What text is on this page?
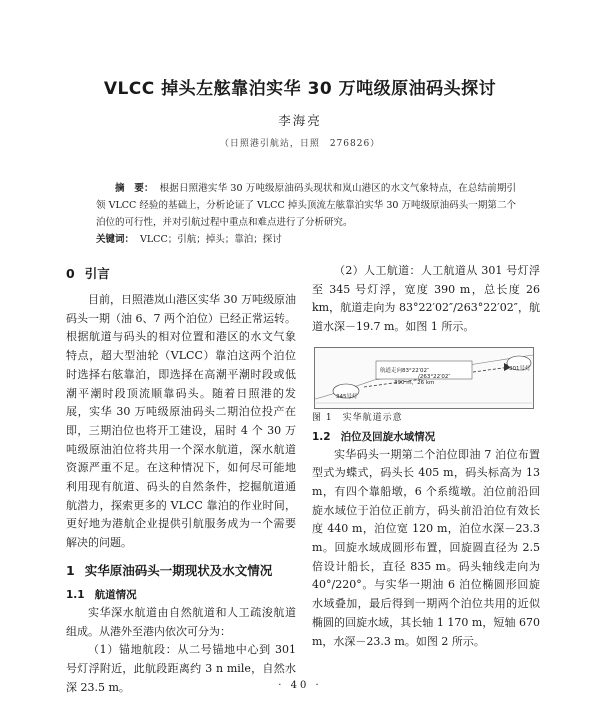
VLCC 掉头左舷靠泊实华 30 万吨级原油码头探讨
李海亮
（日照港引航站，日照　276826）

摘　要： 根据日照港实华 30 万吨级原油码头现状和岚山港区的水文气象特点，在总结前期引领 VLCC 经验的基础上，分析论证了 VLCC 掉头顶流左舷靠泊实华 30 万吨级原油码头一期第二个泊位的可行性，并对引航过程中重点和难点进行了分析研究。

关键词： VLCC；引航；掉头；靠泊；探讨

0 引言

目前，日照港岚山港区实华 30 万吨级原油码头一期（油 6、7 两个泊位）已经正常运转。根据航道与码头的相对位置和港区的水文气象特点，超大型油轮（VLCC）靠泊这两个泊位时选择右舷靠泊，即选择在高潮平潮时段或低潮平潮时段顶流顺靠码头。随着日照港的发展，实华 30 万吨级原油码头二期泊位投产在即，三期泊位也将开工建设，届时 4 个 30 万吨级原油泊位将共用一个深水航道，深水航道资源严重不足。在这种情况下，如何尽可能地利用现有航道、码头的自然条件，挖掘航道通航潜力，探索更多的 VLCC 靠泊的作业时间，更好地为港航企业提供引航服务成为一个需要解决的问题。

1 实华原油码头一期现状及水文情况

1.1 航道情况

实华深水航道由自然航道和人工疏浚航道组成。从港外至港内依次可分为：

（1）锚地航段：从二号锚地中心到 301 号灯浮附近，此航段距离约 3 n mile，自然水深 23.5 m。

（2）人工航道：人工航道从 301 号灯浮至 345 号灯浮，宽度 390 m，总长度 26 km，航道走向为 83°22′02″/263°22′02″，航道水深－19.7 m。如图 1 所示。

345号灯
301号灯
航道走向83°22′02″
/263°22′02″
390 m，26 km

图 1　实华航道示意

1.2 泊位及回旋水域情况

实华码头一期第二个泊位即油 7 泊位布置型式为蝶式，码头长 405 m，码头标高为 13 m，有四个靠船墩，6 个系缆墩。泊位前沿回旋水域位于泊位正前方，码头前沿泊位有效长度 440 m，泊位宽 120 m，泊位水深－23.3 m。回旋水域成圆形布置，回旋圆直径为 2.5 倍设计船长，直径 835 m。码头轴线走向为 40°/220°。与实华一期油 6 泊位椭圆形回旋水域叠加，最后得到一期两个泊位共用的近似椭圆的回旋水域，其长轴 1 170 m，短轴 670 m，水深－23.3 m。如图 2 所示。

· 40 ·
